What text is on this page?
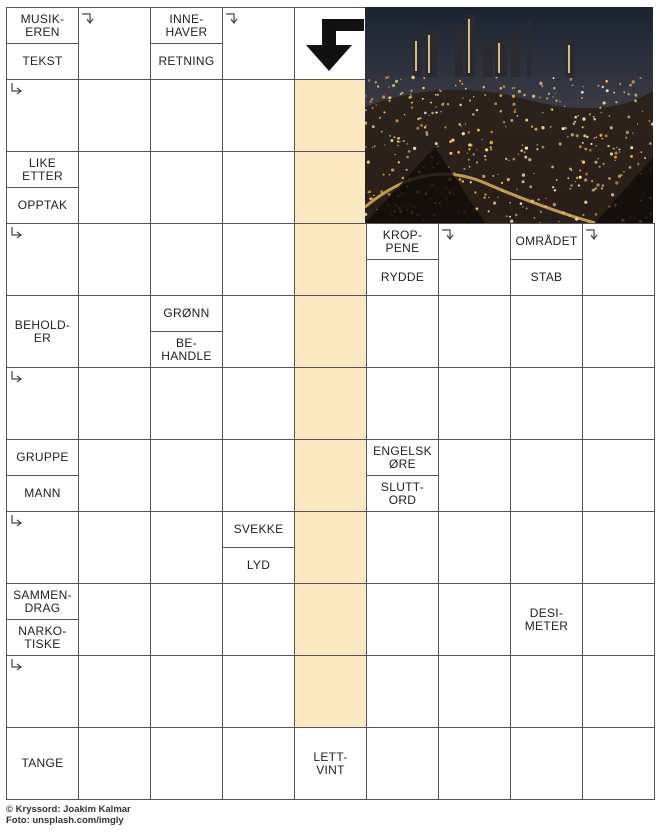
MUSIK-
EREN
TEKST
INNE-
HAVER
RETNING
LIKE
ETTER
OPPTAK
KROP-
PENE
RYDDE
OMRÅDET
STAB
BEHOLD-
ER
GRØNN
BE-
HANDLE
GRUPPE
MANN
ENGELSK
ØRE
SLUTT-
ORD
SVEKKE
LYD
SAMMEN-
DRAG
NARKO-
TISKE
DESI-
METER
TANGE	LETT-
VINT
© Kryssord: Joakim Kalmar
Foto: unsplash.com/imgly
